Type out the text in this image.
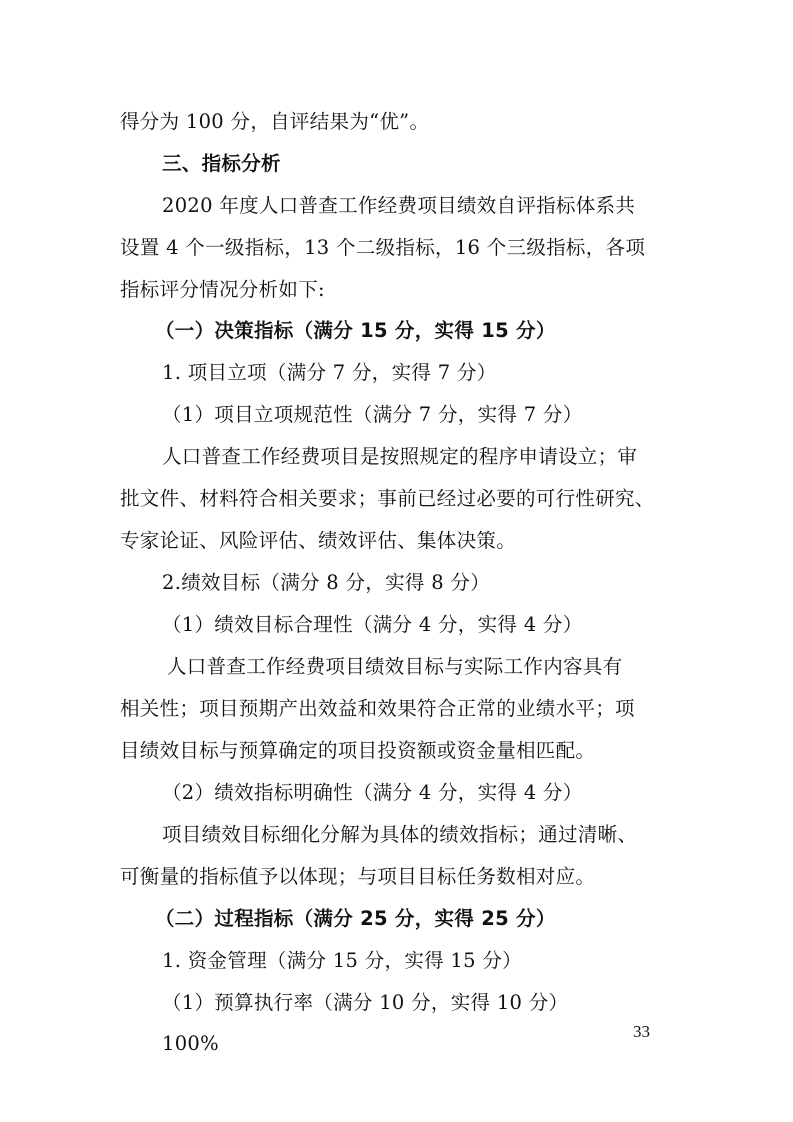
得分为 100 分，自评结果为“优”。
三、指标分析
2020 年度人口普查工作经费项目绩效自评指标体系共
设置 4 个一级指标，13 个二级指标，16 个三级指标，各项
指标评分情况分析如下:
（一）决策指标（满分 15 分，实得 15 分）
1. 项目立项（满分 7 分，实得 7 分）
（1）项目立项规范性（满分 7 分，实得 7 分）
人口普查工作经费项目是按照规定的程序申请设立；审
批文件、材料符合相关要求；事前已经过必要的可行性研究、
专家论证、风险评估、绩效评估、集体决策。
2.绩效目标（满分 8 分，实得 8 分）
（1）绩效目标合理性（满分 4 分，实得 4 分）
人口普查工作经费项目绩效目标与实际工作内容具有
相关性；项目预期产出效益和效果符合正常的业绩水平；项
目绩效目标与预算确定的项目投资额或资金量相匹配。
（2）绩效指标明确性（满分 4 分，实得 4 分）
项目绩效目标细化分解为具体的绩效指标；通过清晰、
可衡量的指标值予以体现；与项目目标任务数相对应。
（二）过程指标（满分 25 分，实得 25 分）
1. 资金管理（满分 15 分，实得 15 分）
（1）预算执行率（满分 10 分，实得 10 分）
100%
33
